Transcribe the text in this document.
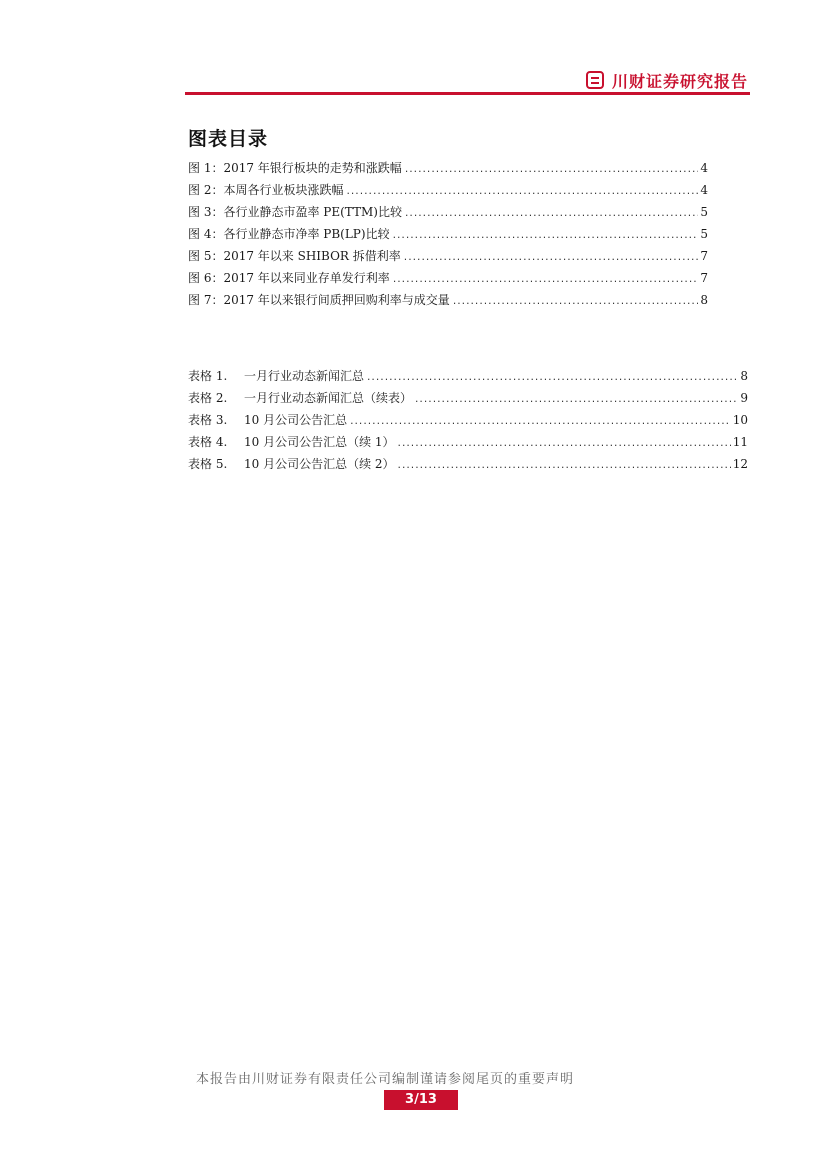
川财证券研究报告
图表目录
图 1： 2017 年银行板块的走势和涨跌幅 .....	4
图 2： 本周各行业板块涨跌幅 .....	4
图 3： 各行业静态市盈率 PE(TTM)比较 .....	5
图 4： 各行业静态市净率 PB(LP)比较 .....	5
图 5： 2017 年以来 SHIBOR 拆借利率 .....	7
图 6： 2017 年以来同业存单发行利率 .....	7
图 7： 2017 年以来银行间质押回购利率与成交量 .....	8
表格 1.	一月行业动态新闻汇总 .....	8
表格 2.	一月行业动态新闻汇总（续表） .....	9
表格 3.	10 月公司公告汇总 .....	10
表格 4.	10 月公司公告汇总（续 1） .....	11
表格 5.	10 月公司公告汇总（续 2） .....	12
本报告由川财证券有限责任公司编制谨请参阅尾页的重要声明
3/13
